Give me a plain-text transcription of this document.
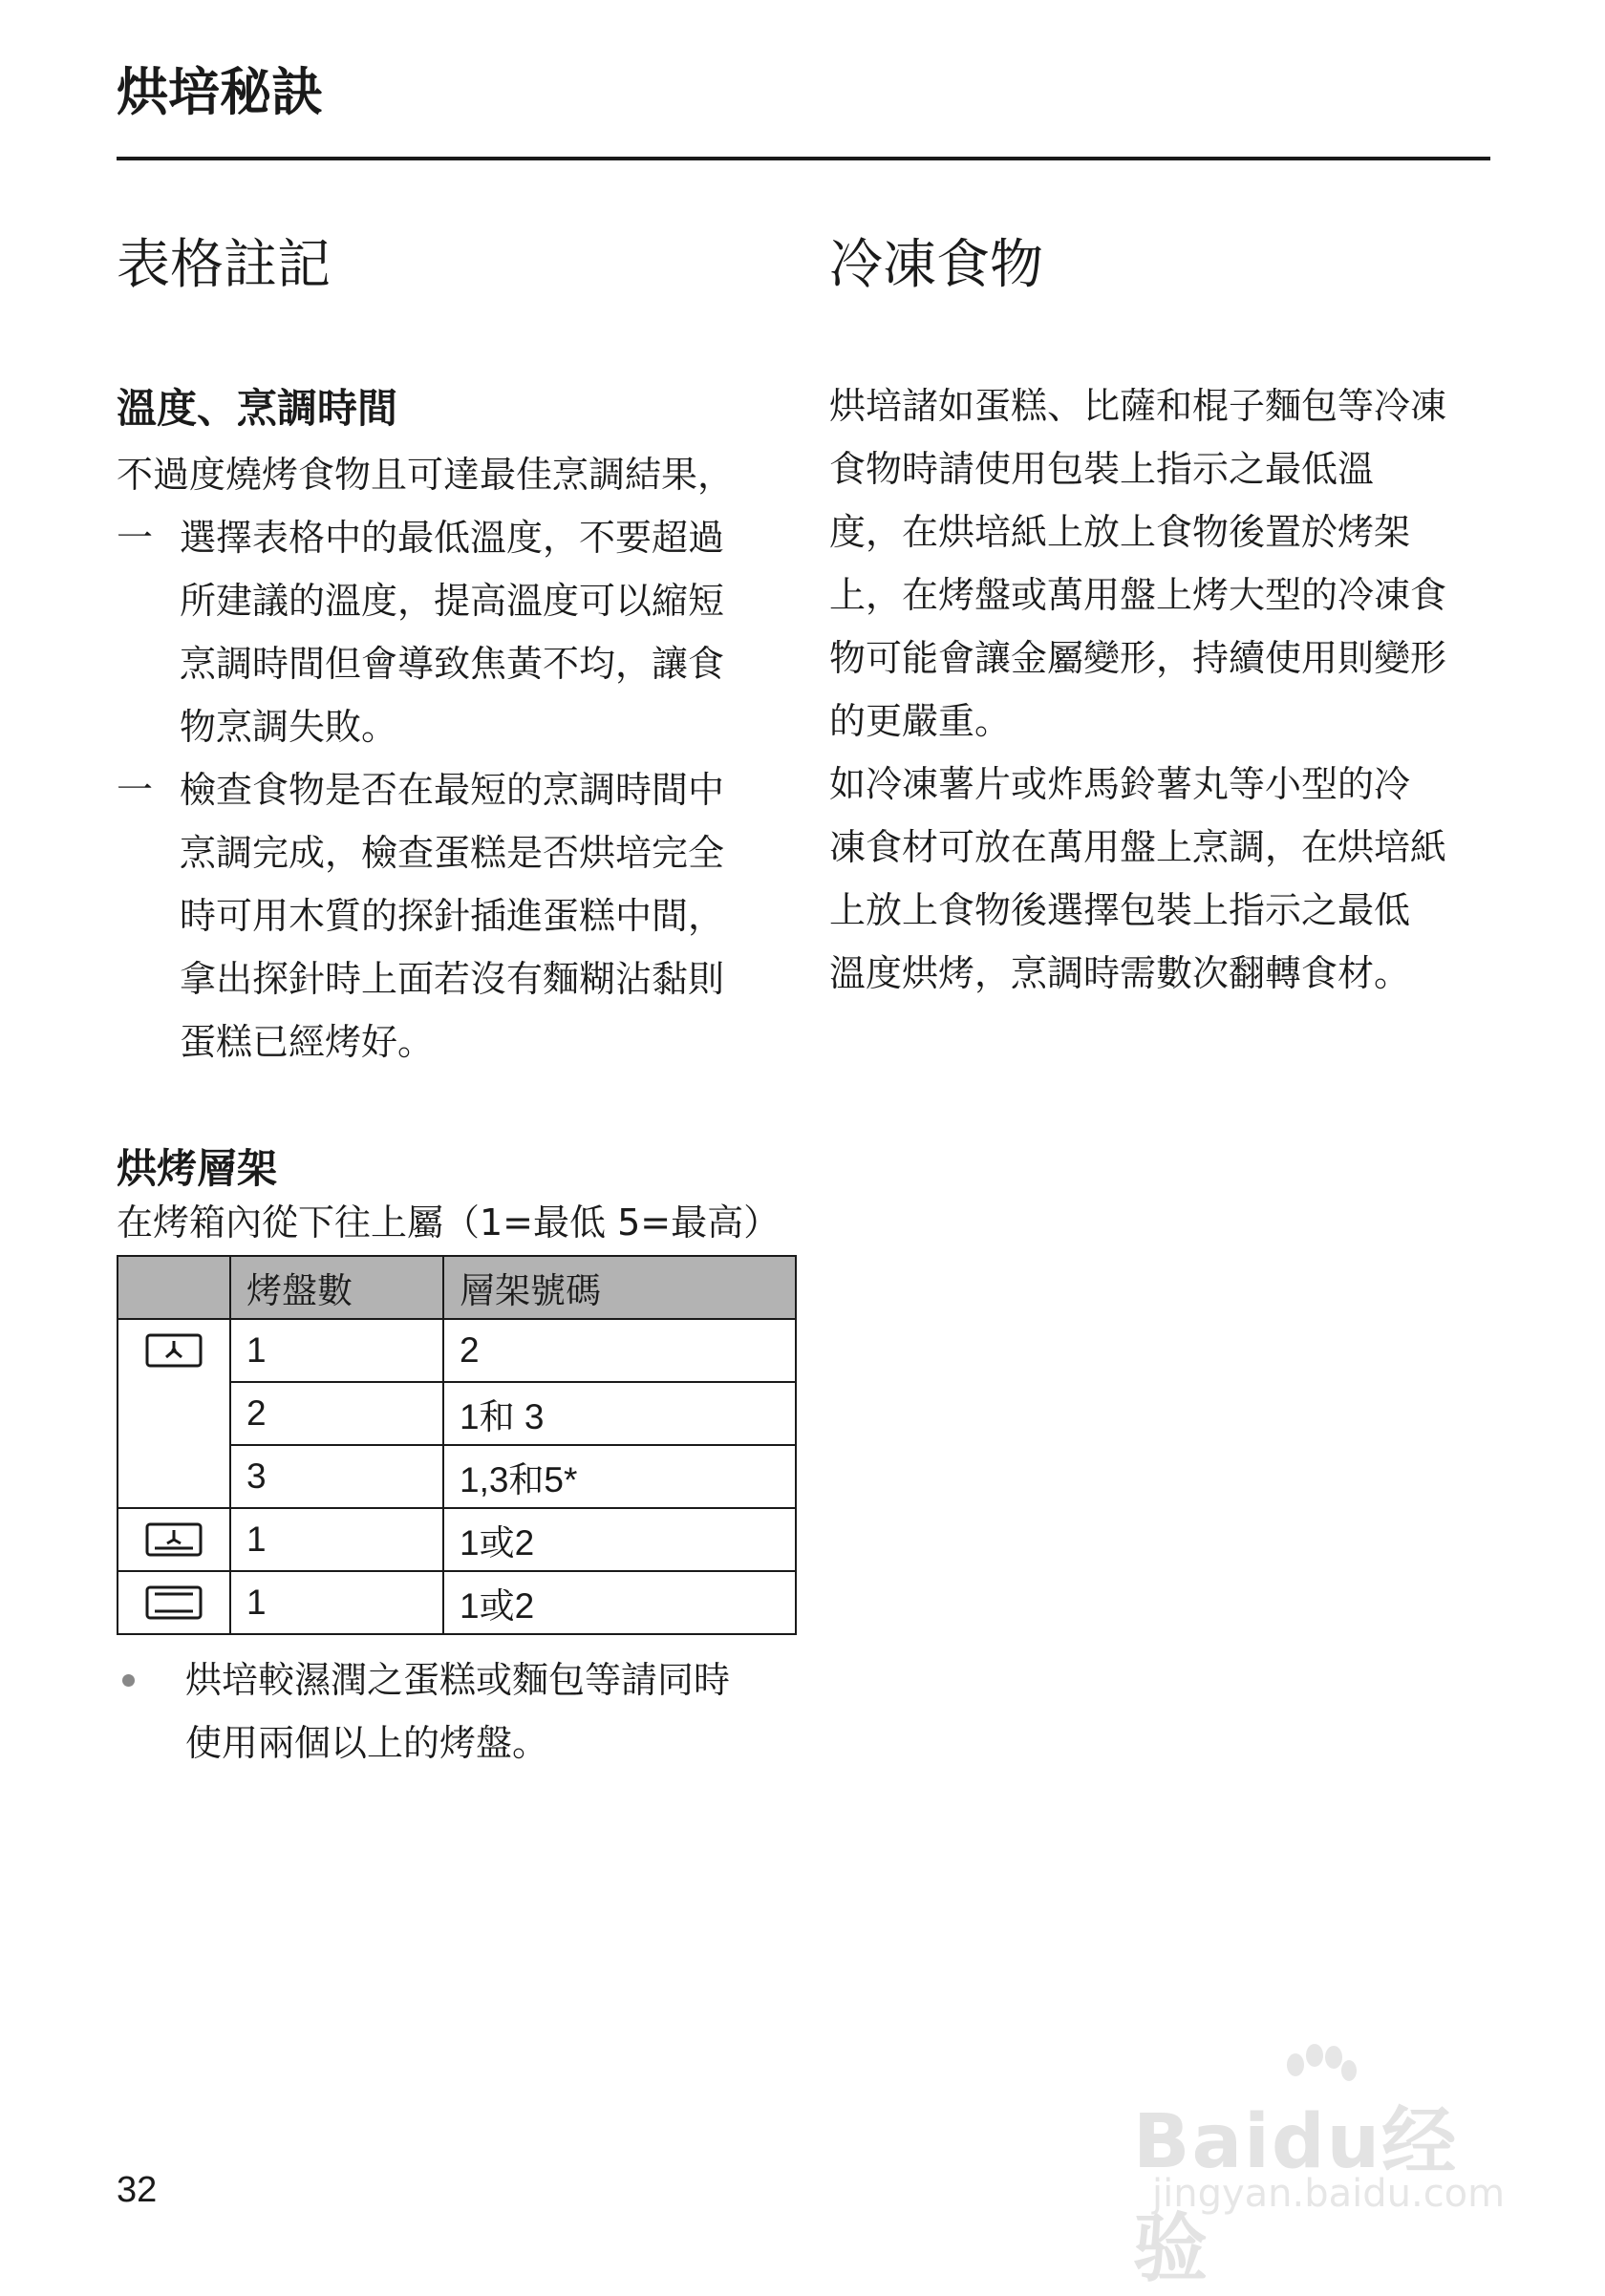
烘培秘訣
表格註記
溫度、烹調時間

不過度燒烤食物且可達最佳烹調結果，

一 選擇表格中的最低溫度，不要超過
所建議的溫度，提高溫度可以縮短
烹調時間但會導致焦黃不均，讓食
物烹調失敗。
一 檢查食物是否在最短的烹調時間中
烹調完成，檢查蛋糕是否烘培完全
時可用木質的探針插進蛋糕中間，
拿出探針時上面若沒有麵糊沾黏則
蛋糕已經烤好。
烘烤層架

在烤箱內從下往上屬（1=最低 5=最高）

	烤盤數	層架號碼
	1	2
	2	1和 3
	3	1,3和5*
	1	1或2
	1	1或2
烘培較濕潤之蛋糕或麵包等請同時
使用兩個以上的烤盤。
冷凍食物

烘培諸如蛋糕、比薩和棍子麵包等冷凍

食物時請使用包裝上指示之最低溫

度，在烘培紙上放上食物後置於烤架

上，在烤盤或萬用盤上烤大型的冷凍食

物可能會讓金屬變形，持續使用則變形

的更嚴重。

如冷凍薯片或炸馬鈴薯丸等小型的冷

凍食材可放在萬用盤上烹調，在烘培紙

上放上食物後選擇包裝上指示之最低

溫度烘烤，烹調時需數次翻轉食材。

32
Baidu经验
jingyan.baidu.com
